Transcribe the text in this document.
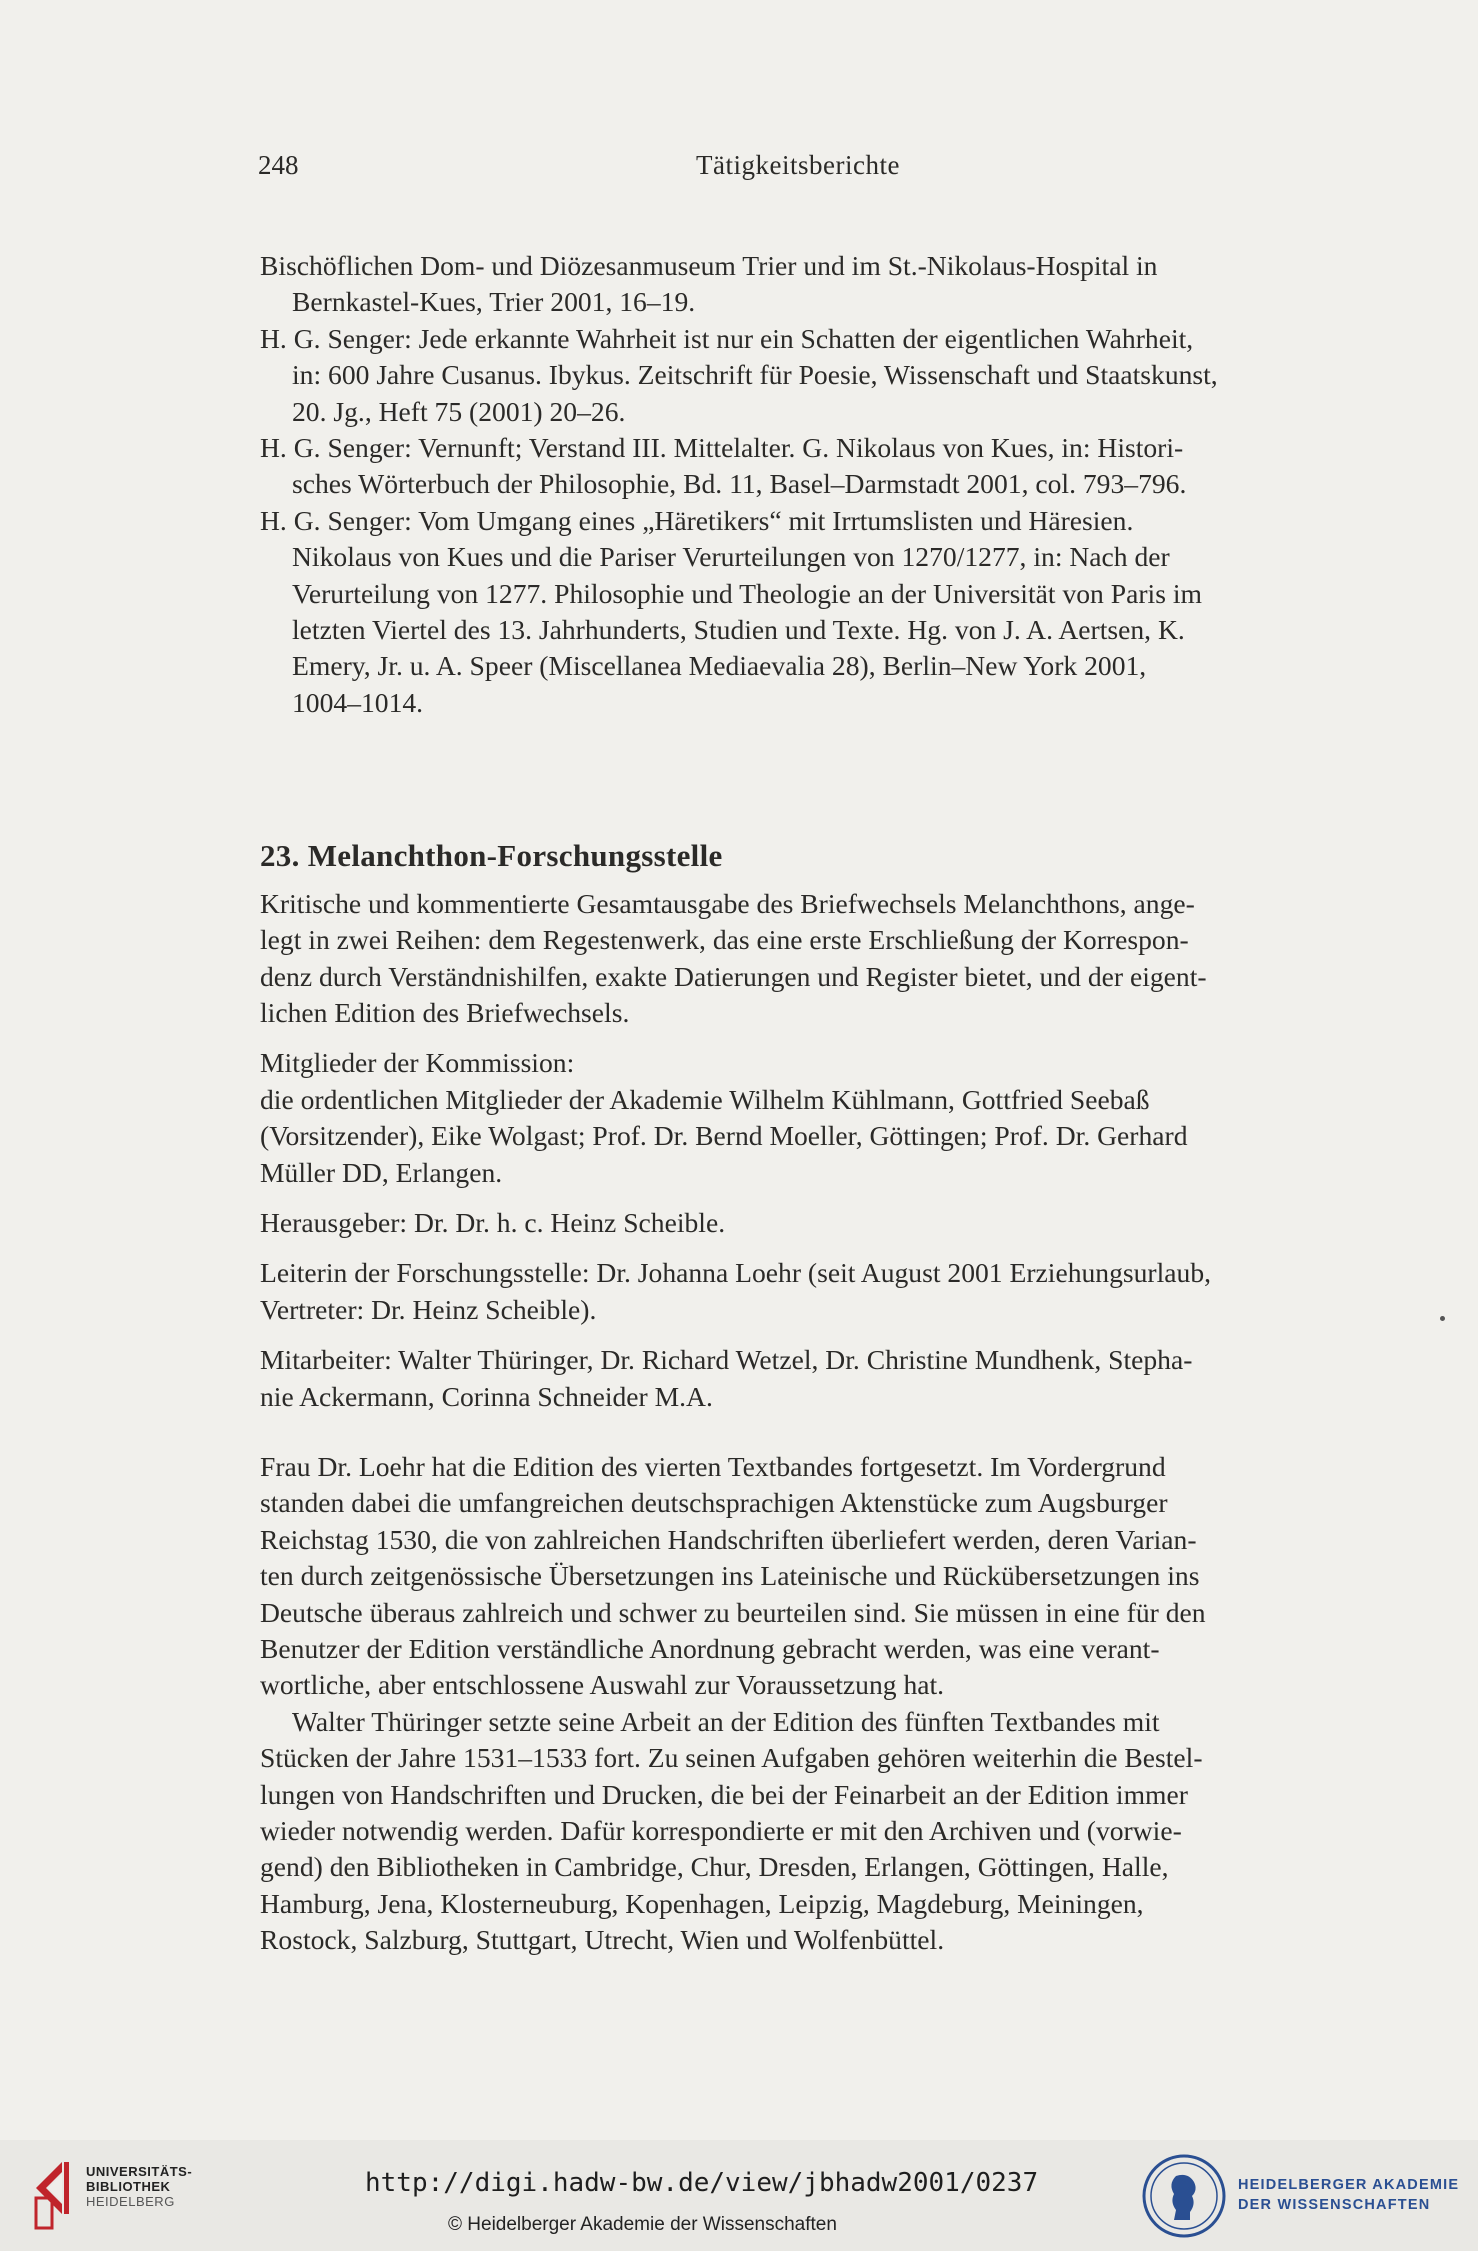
248	Tätigkeitsberichte

Bischöflichen Dom- und Diözesanmuseum Trier und im St.-Nikolaus-Hospital in
Bernkastel-Kues, Trier 2001, 16–19.

H. G. Senger: Jede erkannte Wahrheit ist nur ein Schatten der eigentlichen Wahrheit,
in: 600 Jahre Cusanus. Ibykus. Zeitschrift für Poesie, Wissenschaft und Staatskunst,
20. Jg., Heft 75 (2001) 20–26.

H. G. Senger: Vernunft; Verstand III. Mittelalter. G. Nikolaus von Kues, in: Histori-
sches Wörterbuch der Philosophie, Bd. 11, Basel–Darmstadt 2001, col. 793–796.

H. G. Senger: Vom Umgang eines „Häretikers“ mit Irrtumslisten und Häresien.
Nikolaus von Kues und die Pariser Verurteilungen von 1270/1277, in: Nach der
Verurteilung von 1277. Philosophie und Theologie an der Universität von Paris im
letzten Viertel des 13. Jahrhunderts, Studien und Texte. Hg. von J. A. Aertsen, K.
Emery, Jr. u. A. Speer (Miscellanea Mediaevalia 28), Berlin–New York 2001,
1004–1014.

23. Melanchthon-Forschungsstelle

Kritische und kommentierte Gesamtausgabe des Briefwechsels Melanchthons, ange-
legt in zwei Reihen: dem Regestenwerk, das eine erste Erschließung der Korrespon-
denz durch Verständnishilfen, exakte Datierungen und Register bietet, und der eigent-
lichen Edition des Briefwechsels.

Mitglieder der Kommission:

die ordentlichen Mitglieder der Akademie Wilhelm Kühlmann, Gottfried Seebaß
(Vorsitzender), Eike Wolgast; Prof. Dr. Bernd Moeller, Göttingen; Prof. Dr. Gerhard
Müller DD, Erlangen.

Herausgeber: Dr. Dr. h. c. Heinz Scheible.

Leiterin der Forschungsstelle: Dr. Johanna Loehr (seit August 2001 Erziehungsurlaub,
Vertreter: Dr. Heinz Scheible).

Mitarbeiter: Walter Thüringer, Dr. Richard Wetzel, Dr. Christine Mundhenk, Stepha-
nie Ackermann, Corinna Schneider M.A.

Frau Dr. Loehr hat die Edition des vierten Textbandes fortgesetzt. Im Vordergrund
standen dabei die umfangreichen deutschsprachigen Aktenstücke zum Augsburger
Reichstag 1530, die von zahlreichen Handschriften überliefert werden, deren Varian-
ten durch zeitgenössische Übersetzungen ins Lateinische und Rückübersetzungen ins
Deutsche überaus zahlreich und schwer zu beurteilen sind. Sie müssen in eine für den
Benutzer der Edition verständliche Anordnung gebracht werden, was eine verant-
wortliche, aber entschlossene Auswahl zur Voraussetzung hat.

Walter Thüringer setzte seine Arbeit an der Edition des fünften Textbandes mit
Stücken der Jahre 1531–1533 fort. Zu seinen Aufgaben gehören weiterhin die Bestel-
lungen von Handschriften und Drucken, die bei der Feinarbeit an der Edition immer
wieder notwendig werden. Dafür korrespondierte er mit den Archiven und (vorwie-
gend) den Bibliotheken in Cambridge, Chur, Dresden, Erlangen, Göttingen, Halle,
Hamburg, Jena, Klosterneuburg, Kopenhagen, Leipzig, Magdeburg, Meiningen,
Rostock, Salzburg, Stuttgart, Utrecht, Wien und Wolfenbüttel.

UNIVERSITÄTS-
BIBLIOTHEK
HEIDELBERG
http://digi.hadw-bw.de/view/jbhadw2001/0237
© Heidelberger Akademie der Wissenschaften
HEIDELBERGER AKADEMIE
DER WISSENSCHAFTEN
